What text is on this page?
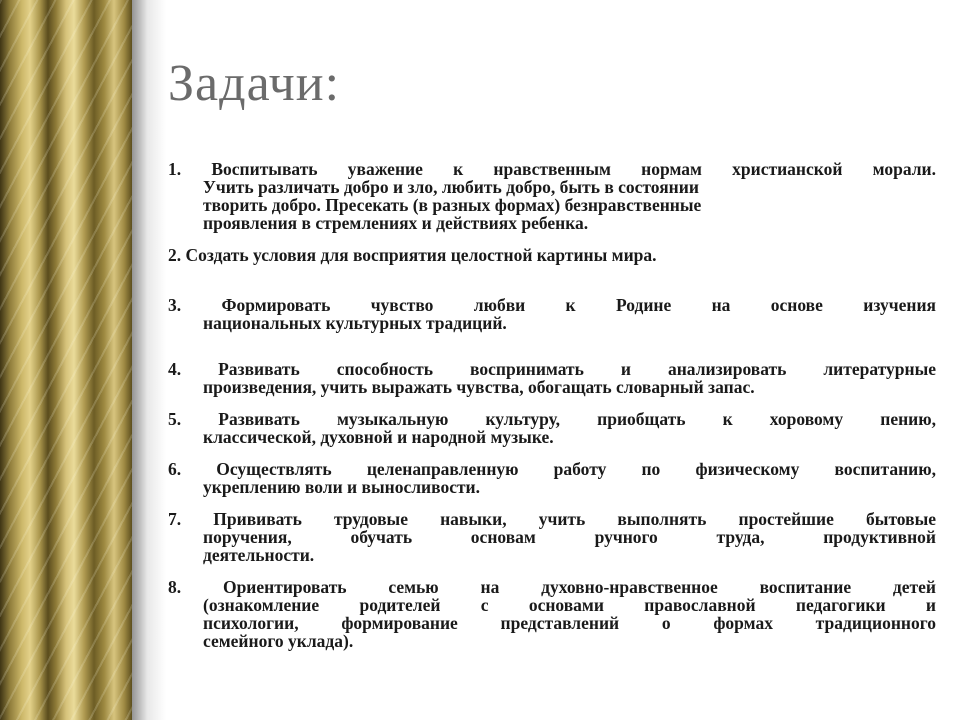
Задачи:
1. Воспитывать уважение к нравственным нормам христианской морали.
Учить различать добро и зло, любить добро, быть в состоянии
творить добро. Пресекать (в разных формах) безнравственные
проявления в стремлениях и действиях ребенка.
2. Создать условия для восприятия целостной картины мира.
3. Формировать чувство любви к Родине на основе изучения
национальных культурных традиций.
4. Развивать способность воспринимать и анализировать литературные
произведения, учить выражать чувства, обогащать словарный запас.
5. Развивать музыкальную культуру, приобщать к хоровому пению,
классической, духовной и народной музыке.
6. Осуществлять целенаправленную работу по физическому воспитанию,
укреплению воли и выносливости.
7. Прививать трудовые навыки, учить выполнять простейшие бытовые
поручения, обучать основам ручного труда, продуктивной
деятельности.
8. Ориентировать семью на духовно-нравственное воспитание детей
(ознакомление родителей с основами православной педагогики и
психологии, формирование представлений о формах традиционного
семейного уклада).
